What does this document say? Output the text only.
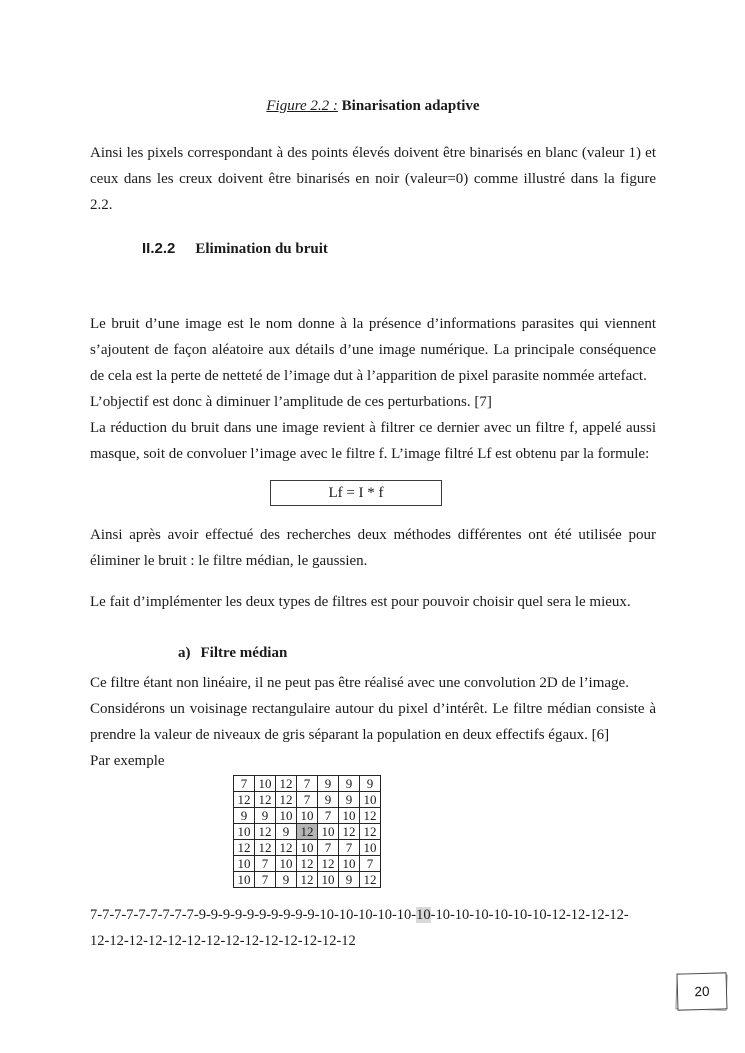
Figure 2.2 : Binarisation adaptive

Ainsi les pixels correspondant à des points élevés doivent être binarisés en blanc (valeur 1) et ceux dans les creux doivent être binarisés en noir (valeur=0) comme illustré dans la figure 2.2.

II.2.2 Elimination du bruit

Le bruit d’une image est le nom donne à la présence d’informations parasites qui viennent s’ajoutent de façon aléatoire aux détails d’une image numérique. La principale conséquence de cela est la perte de netteté de l’image dut à l’apparition de pixel parasite nommée artefact.

L’objectif est donc à diminuer l’amplitude de ces perturbations. [7]

La réduction du bruit dans une image revient à filtrer ce dernier avec un filtre f, appelé aussi masque, soit de convoluer l’image avec le filtre f. L’image filtré Lf est obtenu par la formule:

Lf = I * f

Ainsi après avoir effectué des recherches deux méthodes différentes ont été utilisée pour éliminer le bruit : le filtre médian, le gaussien.

Le fait d’implémenter les deux types de filtres est pour pouvoir choisir quel sera le mieux.

a) Filtre médian

Ce filtre étant non linéaire, il ne peut pas être réalisé avec une convolution 2D de l’image.

Considérons un voisinage rectangulaire autour du pixel d’intérêt. Le filtre médian consiste à prendre la valeur de niveaux de gris séparant la population en deux effectifs égaux. [6]

Par exemple

7	10	12	7	9	9	9
12	12	12	7	9	9	10
9	9	10	10	7	10	12
10	12	9	12	10	12	12
12	12	12	10	7	7	10
10	7	10	12	12	10	7
10	7	9	12	10	9	12
7-7-7-7-7-7-7-7-7-9-9-9-9-9-9-9-9-9-9-10-10-10-10-10-10-10-10-10-10-10-10-12-12-12-12-
12-12-12-12-12-12-12-12-12-12-12-12-12-12
20
